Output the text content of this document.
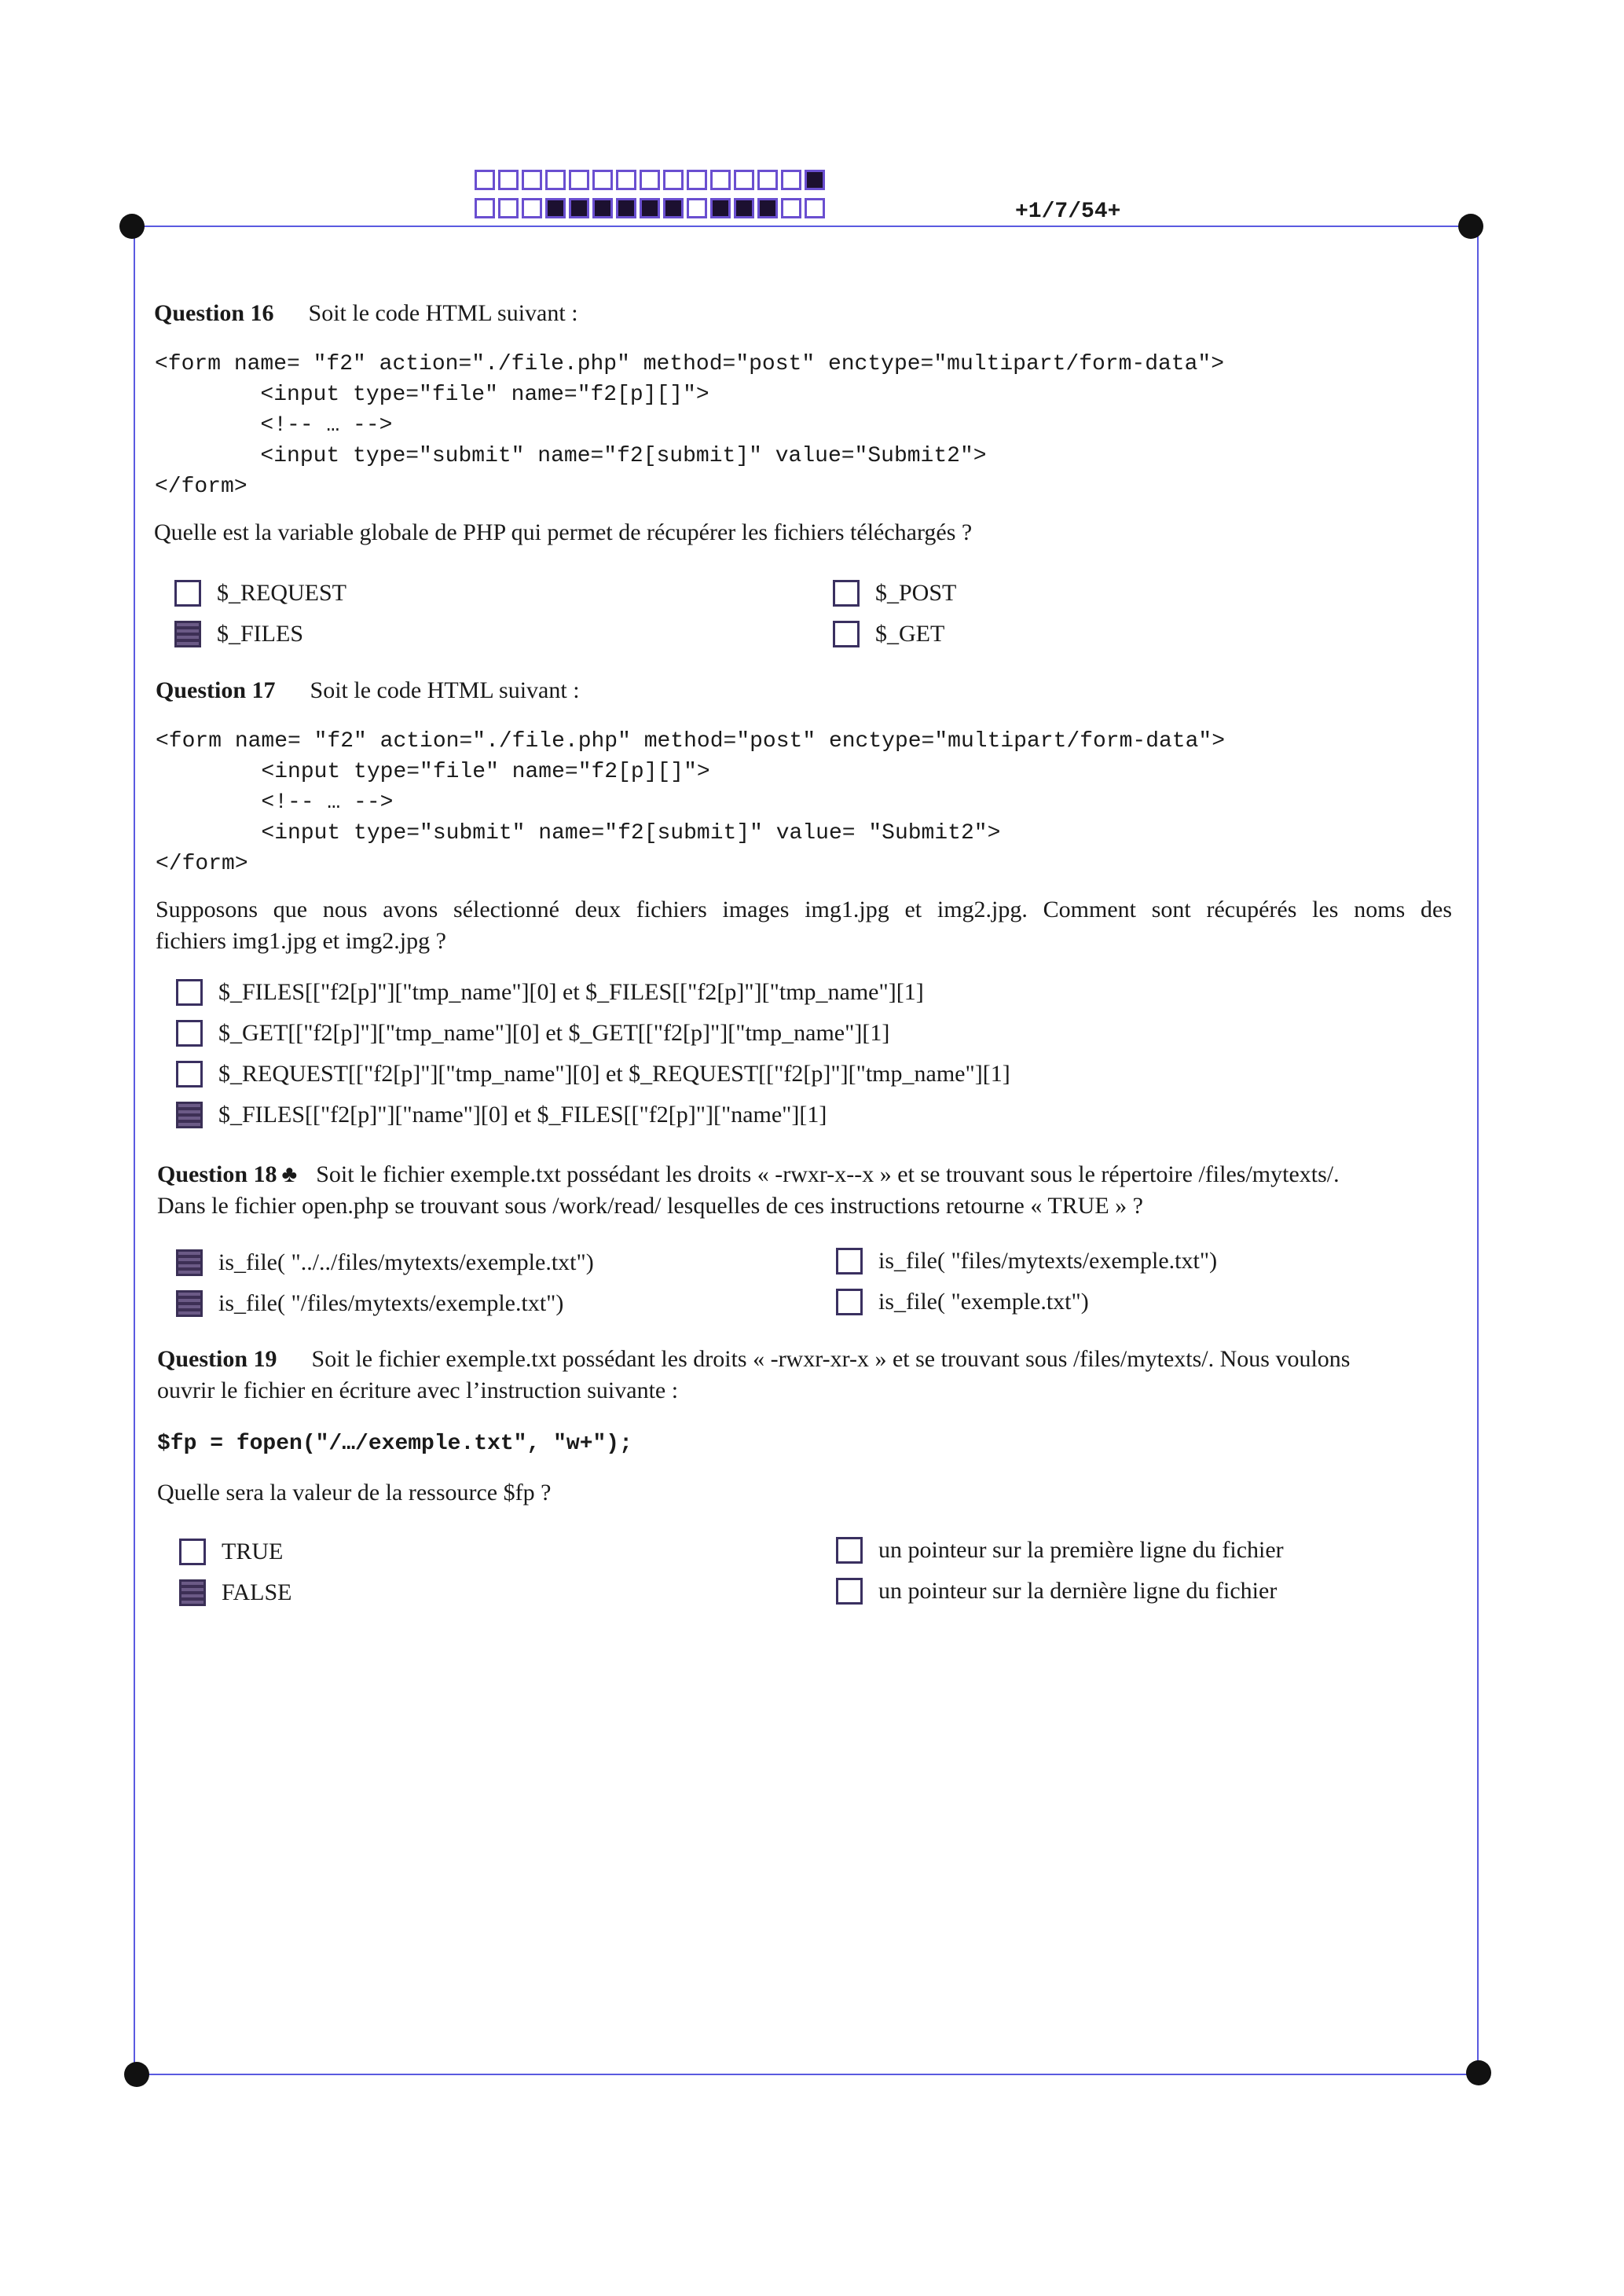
+1/7/54+
Question 16 Soit le code HTML suivant :
<form name= "f2" action="./file.php" method="post" enctype="multipart/form-data">
<input type="file" name="f2[p][]">
<!-- … -->
<input type="submit" name="f2[submit]" value="Submit2">
</form>
Quelle est la variable globale de PHP qui permet de récupérer les fichiers téléchargés ?
$_REQUEST
$_FILES
$_POST
$_GET
Question 17 Soit le code HTML suivant :
<form name= "f2" action="./file.php" method="post" enctype="multipart/form-data">
<input type="file" name="f2[p][]">
<!-- … -->
<input type="submit" name="f2[submit]" value= "Submit2">
</form>
Supposons que nous avons sélectionné deux fichiers images img1.jpg et img2.jpg. Comment sont récupérés les noms des
fichiers img1.jpg et img2.jpg ?
$_FILES[["f2[p]"]["tmp_name"][0] et $_FILES[["f2[p]"]["tmp_name"][1]
$_GET[["f2[p]"]["tmp_name"][0] et $_GET[["f2[p]"]["tmp_name"][1]
$_REQUEST[["f2[p]"]["tmp_name"][0] et $_REQUEST[["f2[p]"]["tmp_name"][1]
$_FILES[["f2[p]"]["name"][0] et $_FILES[["f2[p]"]["name"][1]
Question 18 ♣ Soit le fichier exemple.txt possédant les droits « -rwxr-x--x » et se trouvant sous le répertoire /files/mytexts/.
Dans le fichier open.php se trouvant sous /work/read/ lesquelles de ces instructions retourne « TRUE » ?
is_file( "../../files/mytexts/exemple.txt")
is_file( "/files/mytexts/exemple.txt")
is_file( "files/mytexts/exemple.txt")
is_file( "exemple.txt")
Question 19 Soit le fichier exemple.txt possédant les droits « -rwxr-xr-x » et se trouvant sous /files/mytexts/. Nous voulons
ouvrir le fichier en écriture avec l’instruction suivante :
$fp = fopen("/…/exemple.txt", "w+");
Quelle sera la valeur de la ressource $fp ?
TRUE
FALSE
un pointeur sur la première ligne du fichier
un pointeur sur la dernière ligne du fichier
